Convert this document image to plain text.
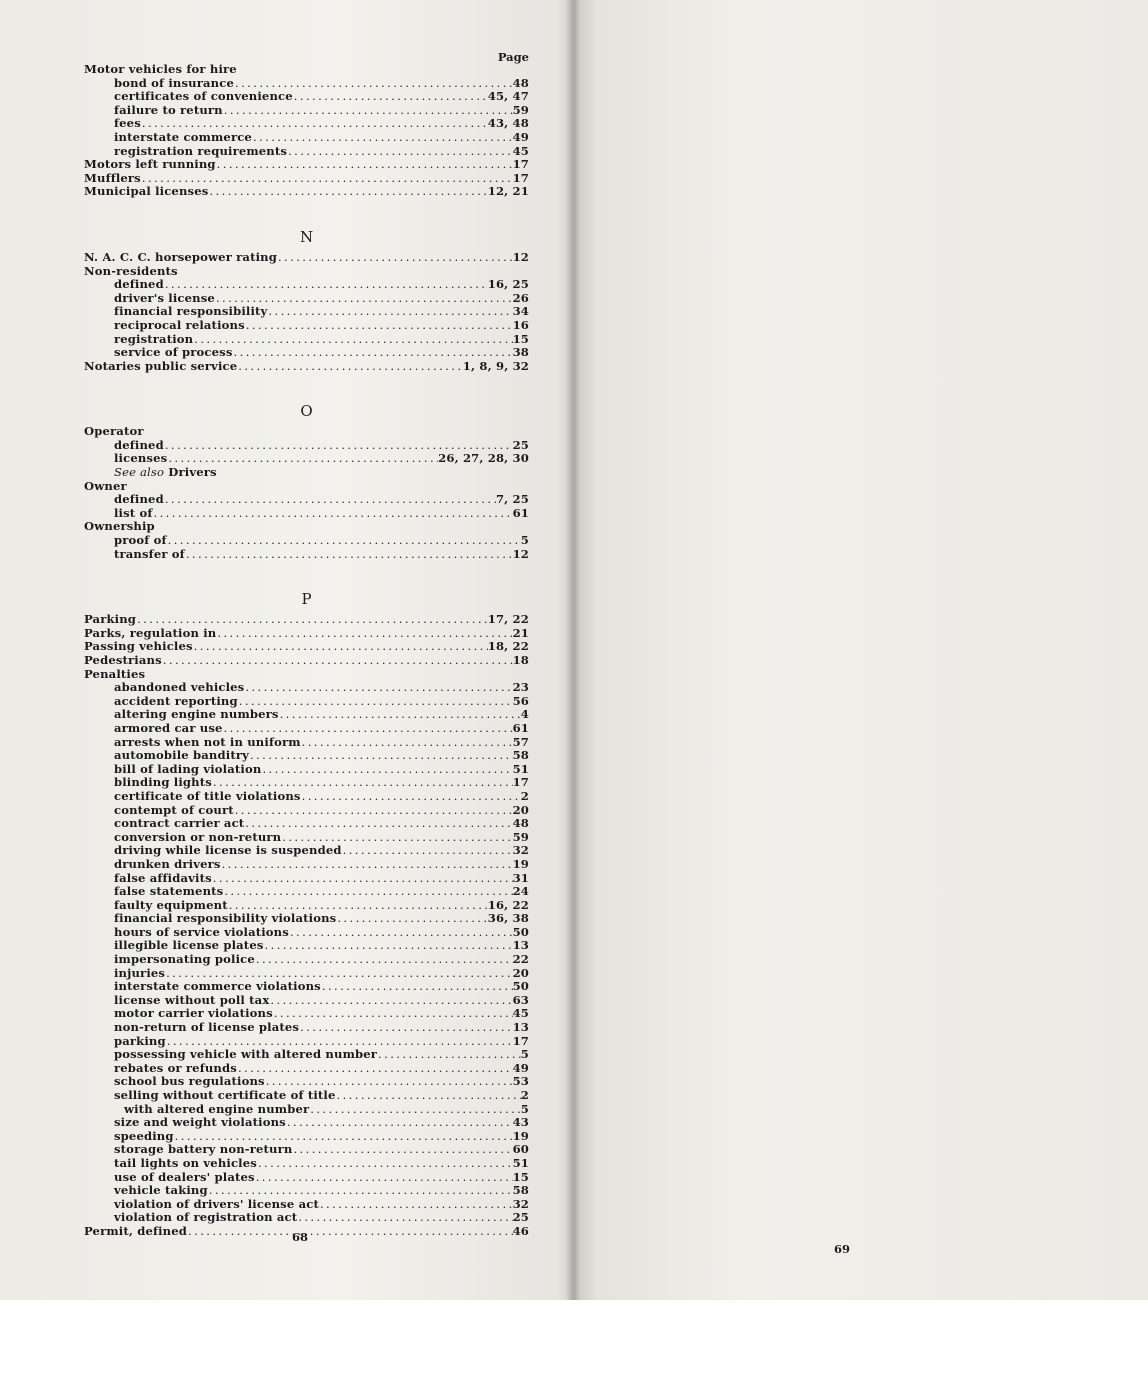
Page
Motor vehicles for hire
bond of insurance .....	48
certificates of convenience .....	45, 47
failure to return .....	59
fees .....	43, 48
interstate commerce .....	49
registration requirements .....	45
Motors left running .....	17
Mufflers .....	17
Municipal licenses .....	12, 21
N
N. A. C. C. horsepower rating .....	12
Non-residents
defined .....	16, 25
driver's license .....	26
financial responsibility .....	34
reciprocal relations .....	16
registration .....	15
service of process .....	38
Notaries public service .....	1, 8, 9, 32
O
Operator
defined .....	25
licenses .....	26, 27, 28, 30
See also Drivers
Owner
defined .....	7, 25
list of .....	61
Ownership
proof of .....	5
transfer of .....	12
P
Parking .....	17, 22
Parks, regulation in .....	21
Passing vehicles .....	18, 22
Pedestrians .....	18
Penalties
abandoned vehicles .....	23
accident reporting .....	56
altering engine numbers .....	4
armored car use .....	61
arrests when not in uniform .....	57
automobile banditry .....	58
bill of lading violation .....	51
blinding lights .....	17
certificate of title violations .....	2
contempt of court .....	20
contract carrier act .....	48
conversion or non-return .....	59
driving while license is suspended .....	32
drunken drivers .....	19
false affidavits .....	31
false statements .....	24
faulty equipment .....	16, 22
financial responsibility violations .....	36, 38
hours of service violations .....	50
illegible license plates .....	13
impersonating police .....	22
injuries .....	20
interstate commerce violations .....	50
license without poll tax .....	63
motor carrier violations .....	45
non-return of license plates .....	13
parking .....	17
possessing vehicle with altered number .....	5
rebates or refunds .....	49
school bus regulations .....	53
selling without certificate of title .....	2
with altered engine number .....	5
size and weight violations .....	43
speeding .....	19
storage battery non-return .....	60
tail lights on vehicles .....	51
use of dealers' plates .....	15
vehicle taking .....	58
violation of drivers' license act .....	32
violation of registration act .....	25
Permit, defined .....	46
68
69
